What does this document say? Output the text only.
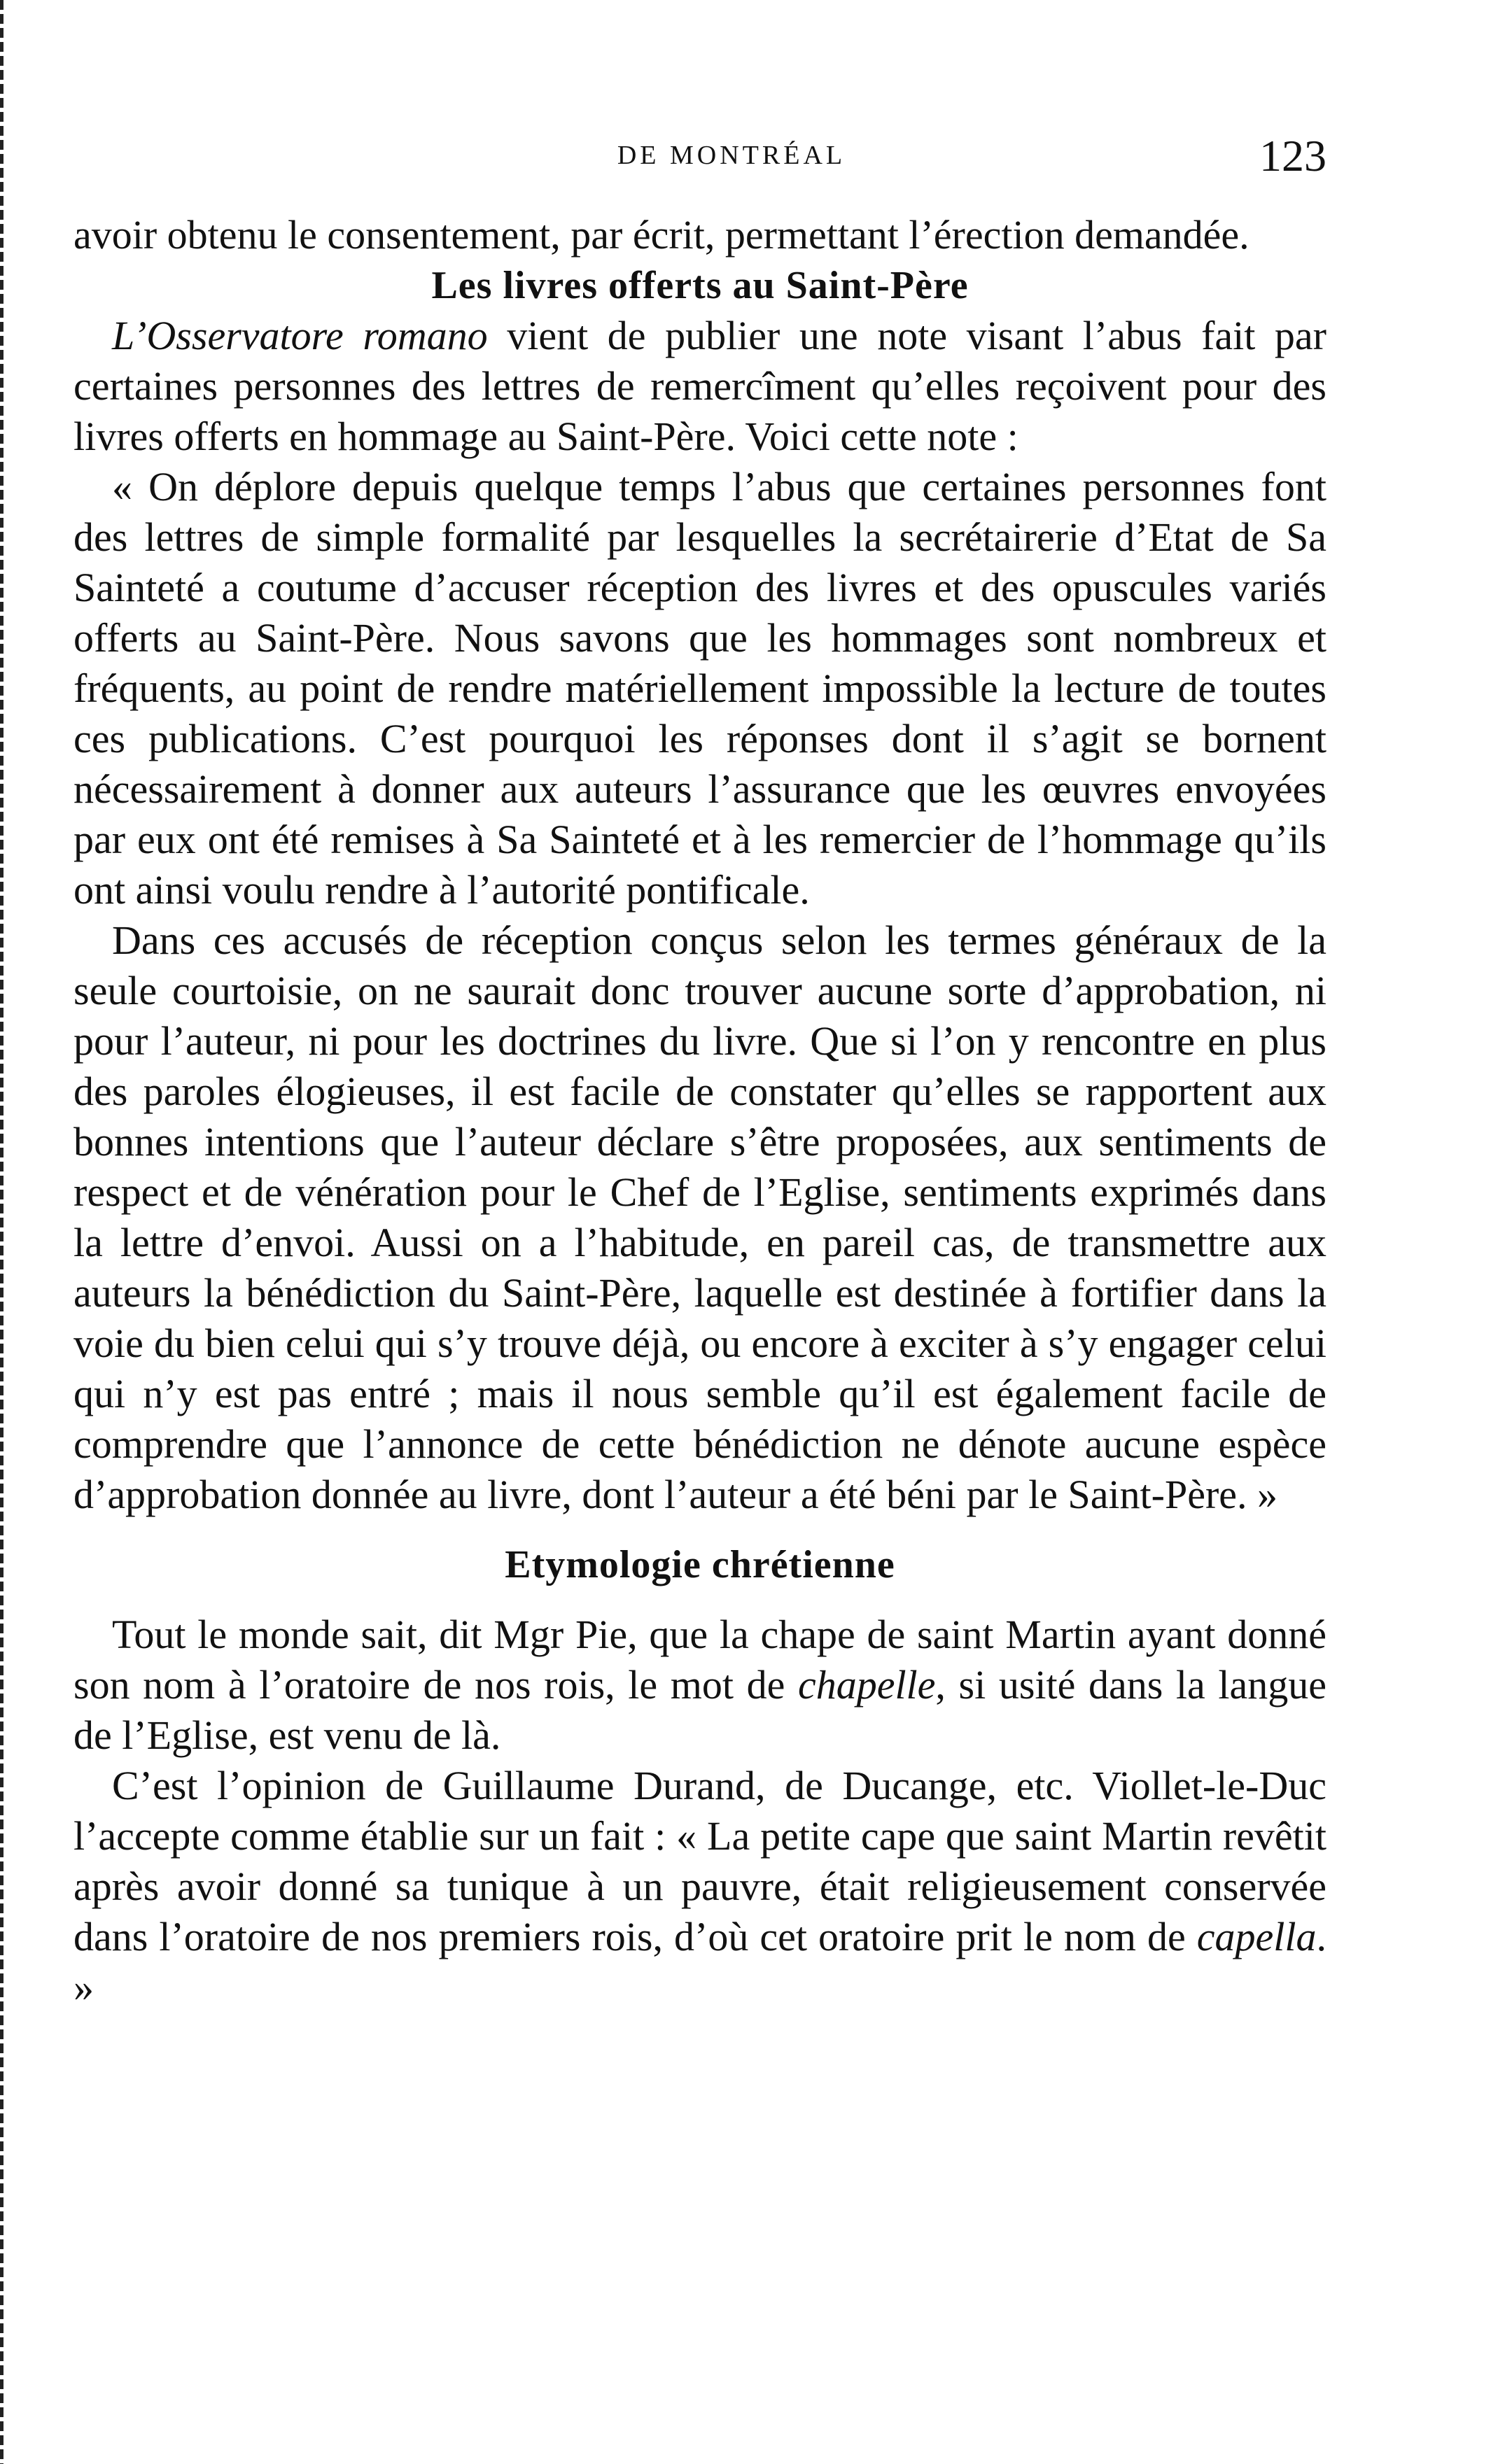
DE MONTRÉAL	123

avoir obtenu le consentement, par écrit, permettant l’érection demandée.

Les livres offerts au Saint-Père

L’Osservatore romano vient de publier une note visant l’abus fait par certaines personnes des lettres de remercîment qu’elles reçoivent pour des livres offerts en hommage au Saint-Père. Voici cette note :

« On déplore depuis quelque temps l’abus que certaines personnes font des lettres de simple formalité par lesquelles la secrétairerie d’Etat de Sa Sainteté a coutume d’accuser réception des livres et des opuscules variés offerts au Saint-Père. Nous savons que les hommages sont nombreux et fréquents, au point de rendre matériellement impossible la lecture de toutes ces publications. C’est pourquoi les réponses dont il s’agit se bornent nécessairement à donner aux auteurs l’assurance que les œuvres envoyées par eux ont été remises à Sa Sainteté et à les remercier de l’hommage qu’ils ont ainsi voulu rendre à l’autorité pontificale.

Dans ces accusés de réception conçus selon les termes généraux de la seule courtoisie, on ne saurait donc trouver aucune sorte d’approbation, ni pour l’auteur, ni pour les doctrines du livre. Que si l’on y rencontre en plus des paroles élogieuses, il est facile de constater qu’elles se rapportent aux bonnes intentions que l’auteur déclare s’être proposées, aux sentiments de respect et de vénération pour le Chef de l’Eglise, sentiments exprimés dans la lettre d’envoi. Aussi on a l’habitude, en pareil cas, de transmettre aux auteurs la bénédiction du Saint-Père, laquelle est destinée à fortifier dans la voie du bien celui qui s’y trouve déjà, ou encore à exciter à s’y engager celui qui n’y est pas entré ; mais il nous semble qu’il est également facile de comprendre que l’annonce de cette bénédiction ne dénote aucune espèce d’approbation donnée au livre, dont l’auteur a été béni par le Saint-Père. »

Etymologie chrétienne

Tout le monde sait, dit Mgr Pie, que la chape de saint Martin ayant donné son nom à l’oratoire de nos rois, le mot de chapelle, si usité dans la langue de l’Eglise, est venu de là.

C’est l’opinion de Guillaume Durand, de Ducange, etc. Viollet-le-Duc l’accepte comme établie sur un fait : « La petite cape que saint Martin revêtit après avoir donné sa tunique à un pauvre, était religieusement conservée dans l’oratoire de nos premiers rois, d’où cet oratoire prit le nom de capella. »
